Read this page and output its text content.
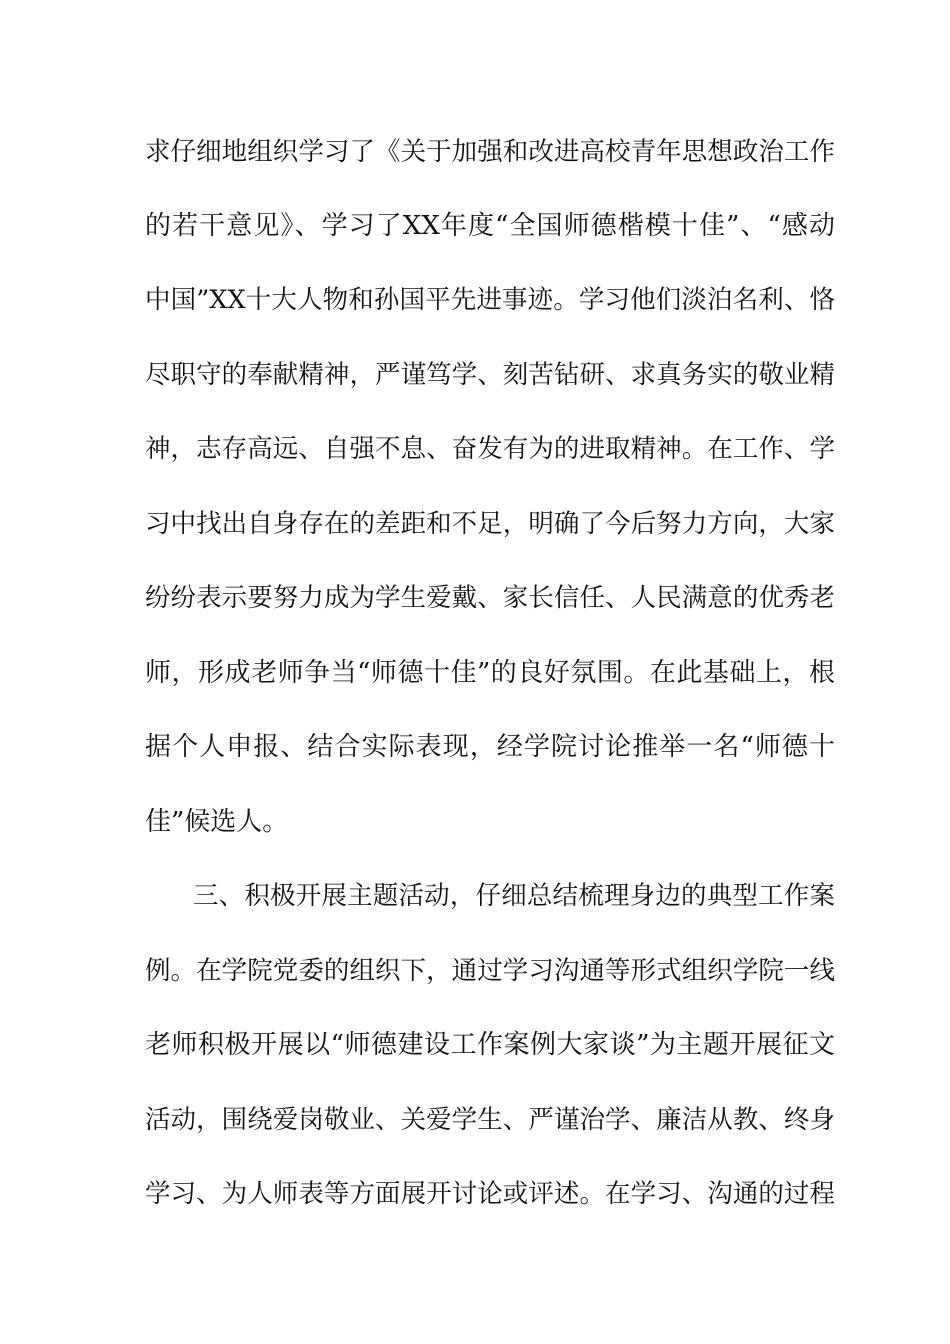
求仔细地组织学习了《关于加强和改进高校青年思想政治工作
的若干意见》、学习了XX年度“全国师德楷模十佳”、“感动
中国”XX十大人物和孙国平先进事迹。学习他们淡泊名利、恪
尽职守的奉献精神，严谨笃学、刻苦钻研、求真务实的敬业精
神，志存高远、自强不息、奋发有为的进取精神。在工作、学
习中找出自身存在的差距和不足，明确了今后努力方向，大家
纷纷表示要努力成为学生爱戴、家长信任、人民满意的优秀老
师，形成老师争当“师德十佳”的良好氛围。在此基础上，根
据个人申报、结合实际表现，经学院讨论推举一名“师德十
佳”候选人。
三、积极开展主题活动，仔细总结梳理身边的典型工作案
例。在学院党委的组织下，通过学习沟通等形式组织学院一线
老师积极开展以“师德建设工作案例大家谈”为主题开展征文
活动，围绕爱岗敬业、关爱学生、严谨治学、廉洁从教、终身
学习、为人师表等方面展开讨论或评述。在学习、沟通的过程
